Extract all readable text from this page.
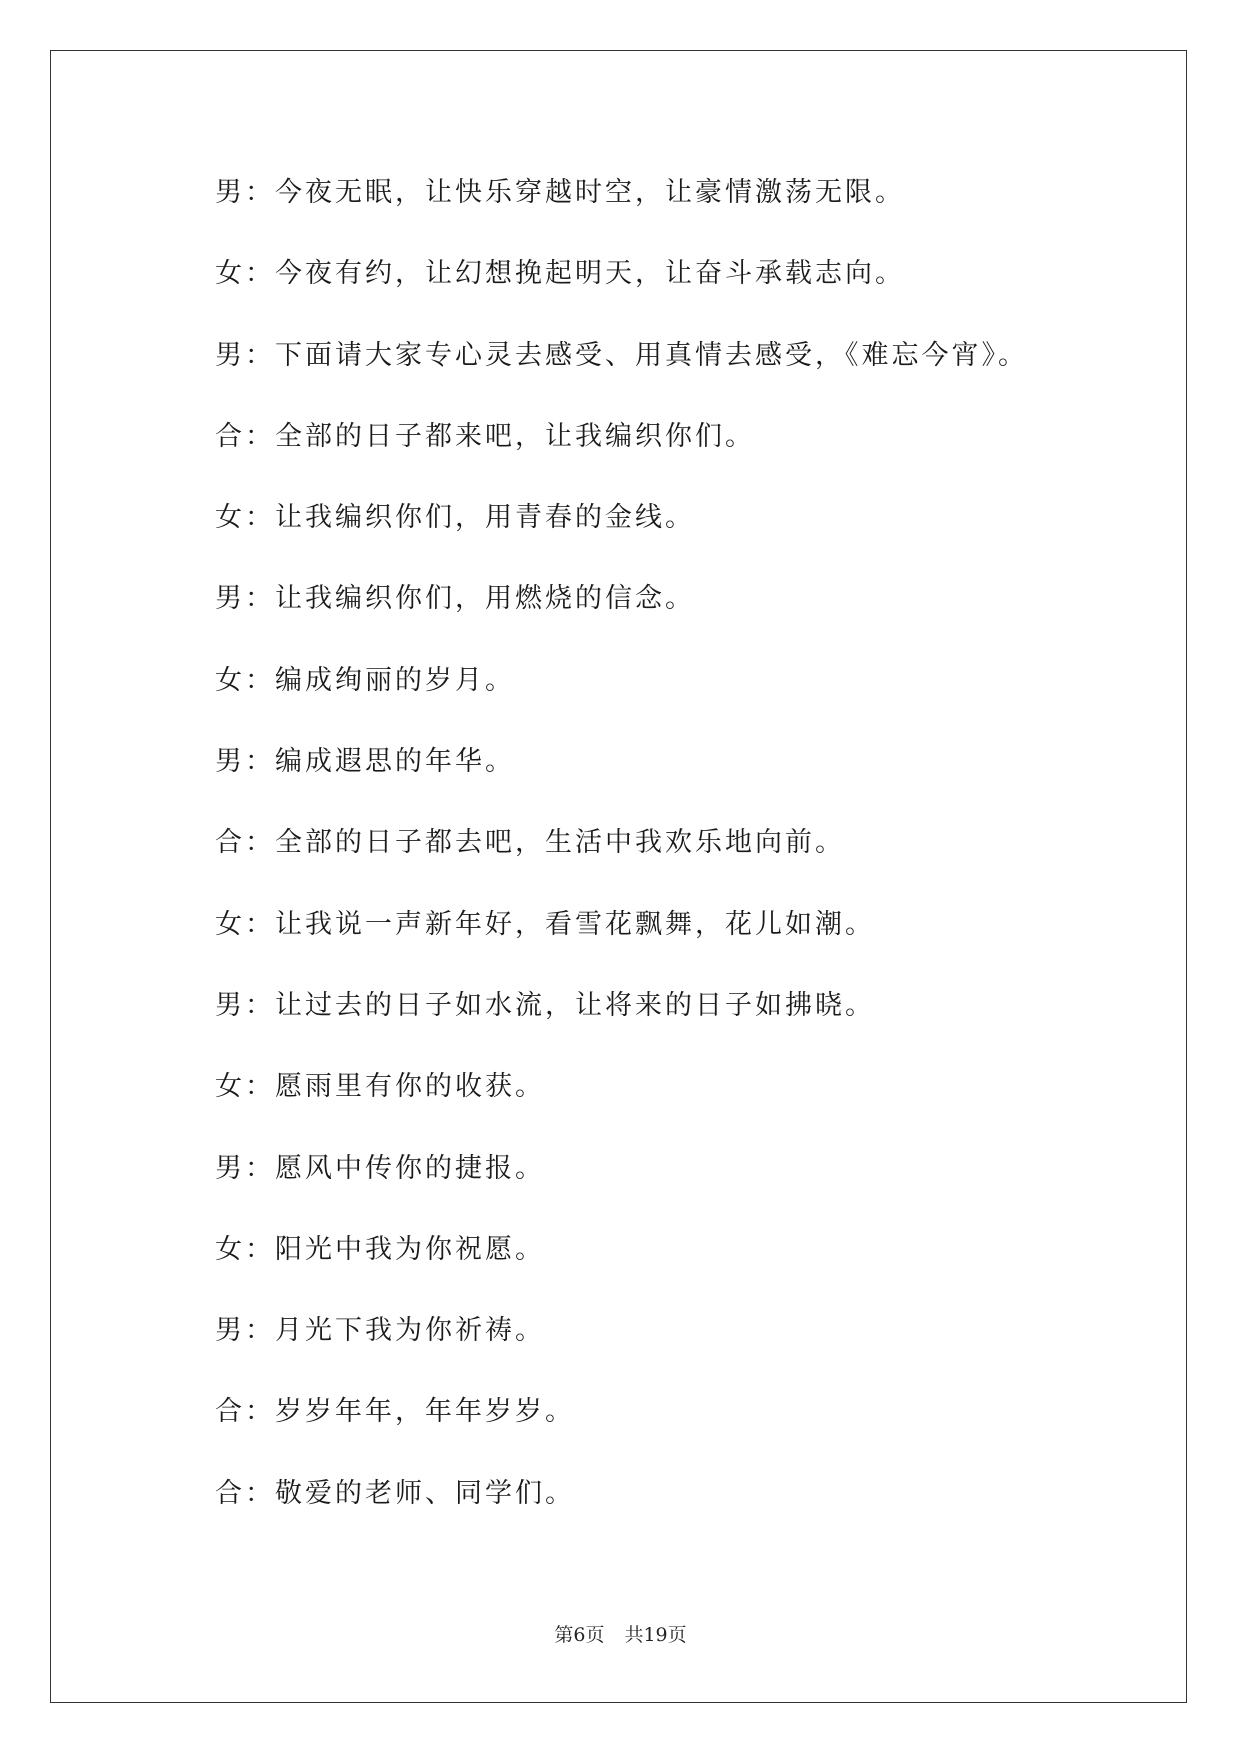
男：今夜无眠，让快乐穿越时空，让豪情激荡无限。
女：今夜有约，让幻想挽起明天，让奋斗承载志向。
男：下面请大家专心灵去感受、用真情去感受，《难忘今宵》。
合：全部的日子都来吧，让我编织你们。
女：让我编织你们，用青春的金线。
男：让我编织你们，用燃烧的信念。
女：编成绚丽的岁月。
男：编成遐思的年华。
合：全部的日子都去吧，生活中我欢乐地向前。
女：让我说一声新年好，看雪花飘舞，花儿如潮。
男：让过去的日子如水流，让将来的日子如拂晓。
女：愿雨里有你的收获。
男：愿风中传你的捷报。
女：阳光中我为你祝愿。
男：月光下我为你祈祷。
合：岁岁年年，年年岁岁。
合：敬爱的老师、同学们。
第6页 共19页
